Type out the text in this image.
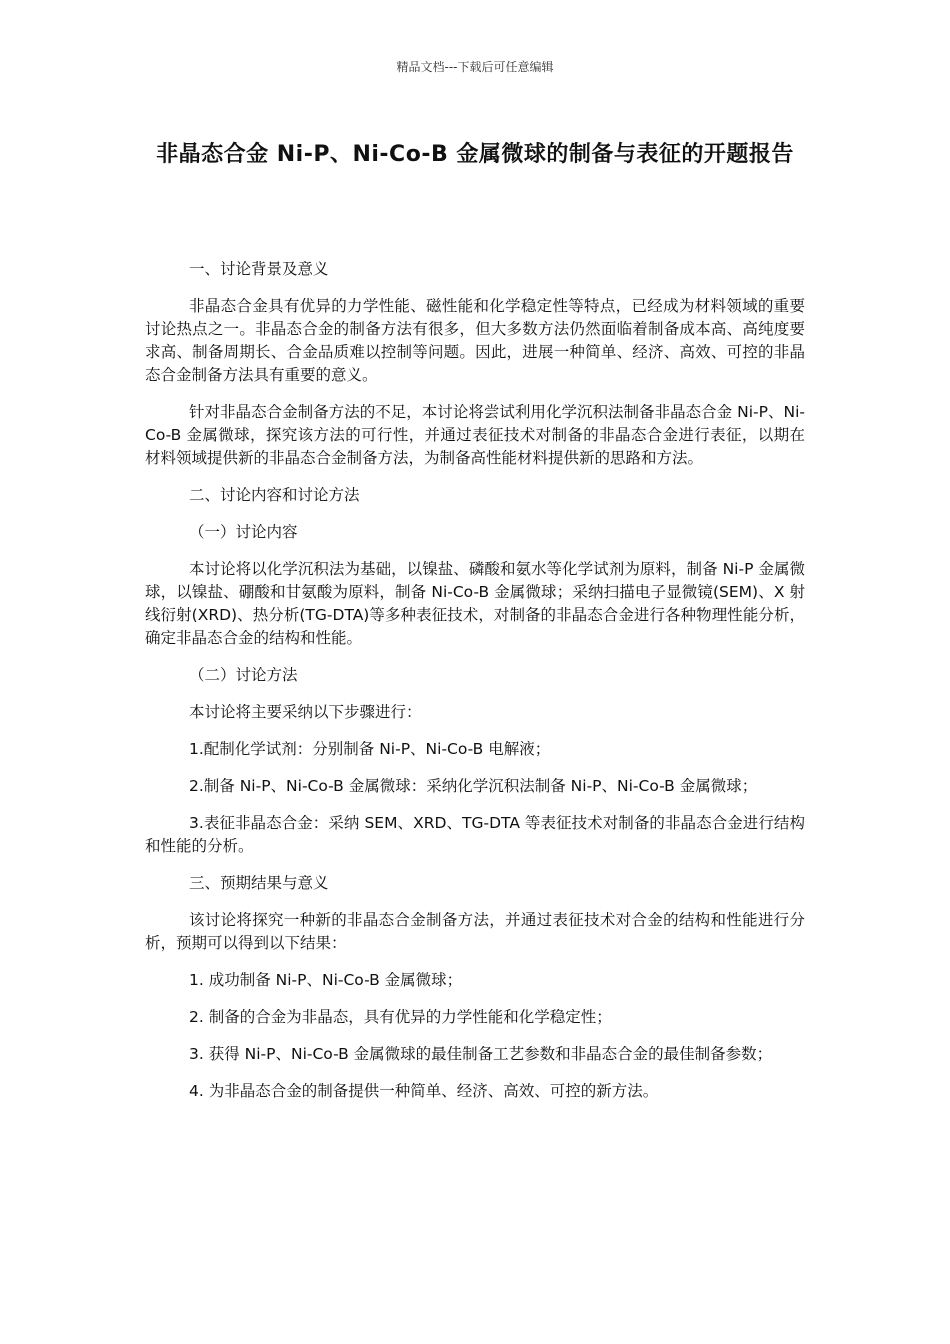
精品文档---下载后可任意编辑
非晶态合金 Ni-P、Ni-Co-B 金属微球的制备与表征的开题报告

一、讨论背景及意义

非晶态合金具有优异的力学性能、磁性能和化学稳定性等特点，已经成为材料领域的重要讨论热点之一。非晶态合金的制备方法有很多，但大多数方法仍然面临着制备成本高、高纯度要求高、制备周期长、合金品质难以控制等问题。因此，进展一种简单、经济、高效、可控的非晶态合金制备方法具有重要的意义。

针对非晶态合金制备方法的不足，本讨论将尝试利用化学沉积法制备非晶态合金 Ni-P、Ni-Co-B 金属微球，探究该方法的可行性，并通过表征技术对制备的非晶态合金进行表征，以期在材料领域提供新的非晶态合金制备方法，为制备高性能材料提供新的思路和方法。

二、讨论内容和讨论方法

（一）讨论内容

本讨论将以化学沉积法为基础，以镍盐、磷酸和氨水等化学试剂为原料，制备 Ni-P 金属微球，以镍盐、硼酸和甘氨酸为原料，制备 Ni-Co-B 金属微球；采纳扫描电子显微镜(SEM)、X 射线衍射(XRD)、热分析(TG-DTA)等多种表征技术，对制备的非晶态合金进行各种物理性能分析，确定非晶态合金的结构和性能。

（二）讨论方法

本讨论将主要采纳以下步骤进行：

1.配制化学试剂：分别制备 Ni-P、Ni-Co-B 电解液；

2.制备 Ni-P、Ni-Co-B 金属微球：采纳化学沉积法制备 Ni-P、Ni-Co-B 金属微球；

3.表征非晶态合金：采纳 SEM、XRD、TG-DTA 等表征技术对制备的非晶态合金进行结构和性能的分析。

三、预期结果与意义

该讨论将探究一种新的非晶态合金制备方法，并通过表征技术对合金的结构和性能进行分析，预期可以得到以下结果：

1. 成功制备 Ni-P、Ni-Co-B 金属微球；

2. 制备的合金为非晶态，具有优异的力学性能和化学稳定性；

3. 获得 Ni-P、Ni-Co-B 金属微球的最佳制备工艺参数和非晶态合金的最佳制备参数；

4. 为非晶态合金的制备提供一种简单、经济、高效、可控的新方法。
